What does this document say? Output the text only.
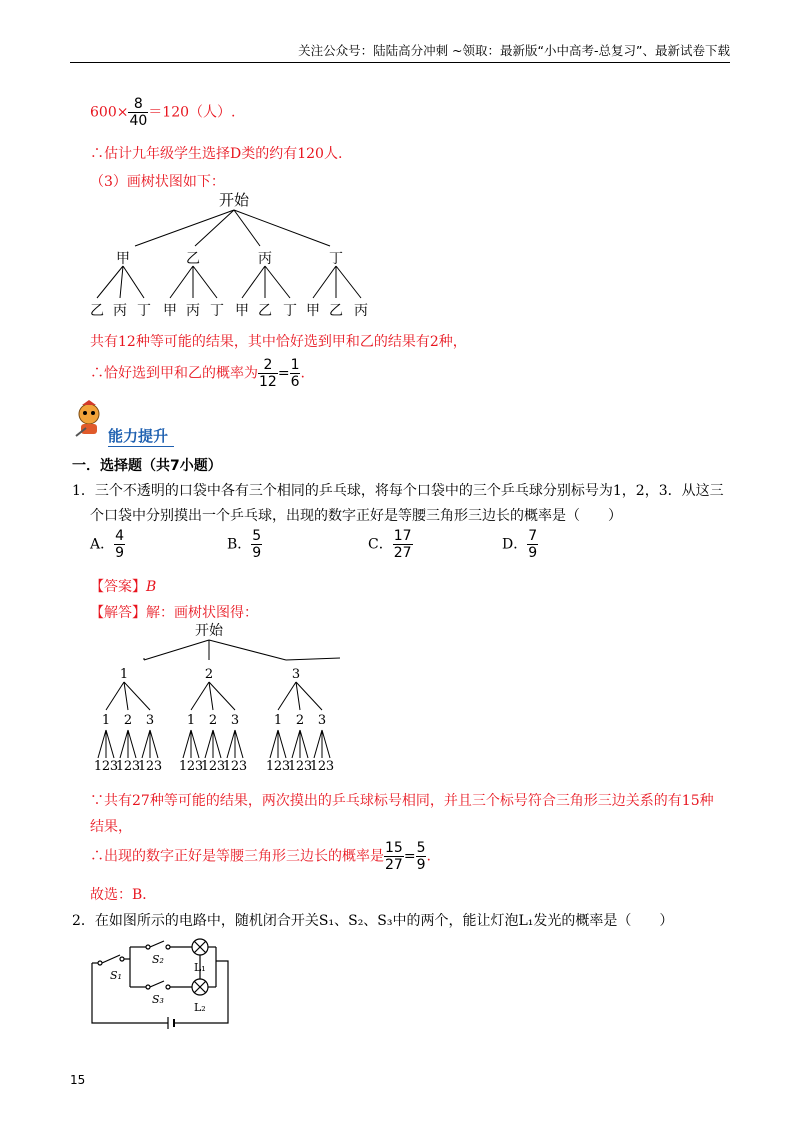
关注公众号：陆陆高分冲刺 ~领取：最新版“小中高考-总复习”、最新试卷下载
$600\times \frac{8}{40} =120$（人）.
∴估计九年级学生选择D类的约有120人.
（3）画树状图如下：
开始
甲	乙	丙	丁
乙 丙 丁 甲 丙 丁 甲 乙 丁 甲 乙 丙
共有12种等可能的结果，其中恰好选到甲和乙的结果有2种，
∴恰好选到甲和乙的概率为 $\frac{2}{12} = \frac{1}{6}$ .
能力提升
一．选择题（共7小题）
1．三个不透明的口袋中各有三个相同的乒乓球，将每个口袋中的三个乒乓球分别标号为1，2，3．从这三
个口袋中分别摸出一个乒乓球，出现的数字正好是等腰三角形三边长的概率是（　　）
A． $\frac{4}{9}$	B． $\frac{5}{9}$	C． $\frac{17}{27}$	D． $\frac{7}{9}$
【答案】B
【解答】解：画树状图得：
开始
1
1
1 2 3
2
1 2 3
3
1 2 3
2
1
1 2 3
2
1 2 3
3
1 2 3
3
1
1 2 3
2
1 2 3
3
1 2 3
∵共有27种等可能的结果，两次摸出的乒乓球标号相同，并且三个标号符合三角形三边关系的有15种
结果，
∴出现的数字正好是等腰三角形三边长的概率是 $\frac{15}{27} = \frac{5}{9}$ .
故选：B．
2．在如图所示的电路中，随机闭合开关S₁、S₂、S₃中的两个，能让灯泡L₁发光的概率是（　　）
S₁
S₂
S₃
L₁
L₂
15
